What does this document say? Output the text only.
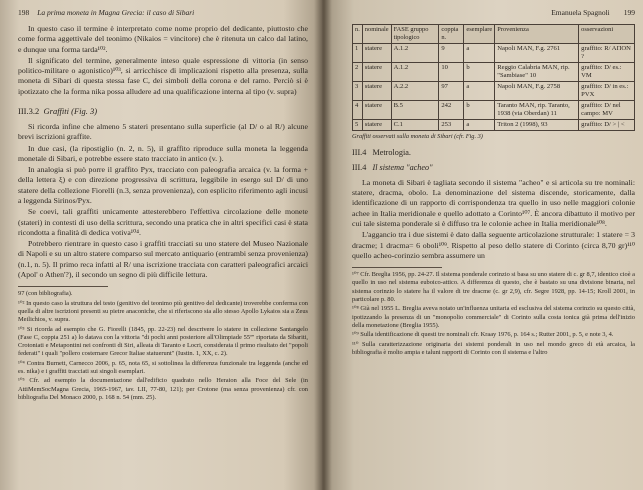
198	La prima moneta in Magna Grecia: il caso di Sibari

In questo caso il termine è interpretato come nome proprio del dedicante, piuttosto che come forma aggettivale del teonimo (Nikaios = vincitore) che è ritenuta un calco dal latino, e dunque una forma tarda¹⁰².

Il significato del termine, generalmente inteso quale espressione di vittoria (in senso politico-militare o agonistico)¹⁰³, si arricchisce di implicazioni rispetto alla presenza, sulla moneta di Sibari di questa stessa fase C, dei simboli della corona e del ramo. Perciò si è ipotizzato che la forma nika possa alludere ad una qualificazione interna al tipo (v. supra)

III.3.2 Graffiti (Fig. 3)

Si ricorda infine che almeno 5 stateri presentano sulla superficie (al D/ o al R/) alcune brevi iscrizioni graffite.

In due casi, (la ripostiglio (n. 2, n. 5), il graffito riproduce sulla moneta la leggenda monetale di Sibari, e potrebbe essere stato tracciato in antico (v. ).

In analogia si può porre il graffito Pyx, tracciato con paleografia arcaica (v. la forma + della lettera ξ) e con direzione progressiva di scrittura, leggibile in esergo sul D/ di uno statere della collezione Fiorelli (n.3, senza provenienza), con esplicito riferimento agli incusi a leggenda Sirinos/Pyx.

Se coevi, tali graffiti unicamente attesterebbero l'effettiva circolazione delle monete (stateri) in contesti di uso della scrittura, secondo una pratica che in altri specifici casi è stata ricondotta a finalità di dedica votiva¹⁰⁴.

Potrebbero rientrare in questo caso i graffiti tracciati su uno statere del Museo Nazionale di Napoli e su un altro statere comparso sul mercato antiquario (entrambi senza provenienza) (n.1, n. 5). Il primo reca infatti al R/ una iscrizione tracciata con caratteri paleografici arcaici (Apol' o Athen'?), il secondo un segno di più difficile lettura.

97 (con bibliografia).
¹⁰² In questo caso la struttura del testo (genitivo del teonimo più genitivo del dedicante) troverebbe conferma con quella di altre iscrizioni presenti su pietre anaconiche, che si riferiscono sia allo stesso Apollo Lykaios sia a Zeus Meilichios, v. supra.
¹⁰³ Si ricorda ad esempio che G. Fiorelli (1845, pp. 22-23) nel descrivere lo statere in collezione Santangelo (Fase C, coppia 251 a) lo datava con la vittoria "di pochi anni posteriore all'Olimpiade 55ª" riportata da Sibariti, Crotoniati e Metapontini nei confronti di Siri, alleata di Taranto e Locri, considerata il primo risultato dei "popoli federati" i quali "pollero costernare Grecor Italiae statuerunt" (Iustin. 1, XX, c. 2).
¹⁰⁴ Contra Burnett, Carnecco 2006, p. 65, nota 65, si sottolinea la differenza funzionale tra leggenda (anche ed es. nika) e i graffiti tracciati sui singoli esemplari.
¹⁰⁵ Cfr. ad esempio la documentazione dall'edificio quadrato nello Heraion alla Foce del Sele (in AttiMemSocMagna Grecia, 1965-1967, tav. LII, 77-80, 121); per Crotone (ma senza provenienza) cfr. con bibliografia Del Monaco 2000, p. 168 n. 54 (mm. 25).
Emanuela Spagnoli 199
n.	nominale	FASE gruppo tipologico	coppia n.	esemplare	Provenienza	osservazioni
1	statere	A.1.2	9	a	Napoli MAN, F.g. 2761	graffito: R/ AΠΟΝ ?
2	statere	A.1.2	10	b	Reggio Calabria MAN, rip. "Sambiase" 10	graffito: D/ es.: VM
3	statere	A.2.2	97	a	Napoli MAN, F.g. 2758	graffito: D/ in es.: PVX
4	statere	B.5	242	b	Taranto MAN, rip. Taranto, 1938 (via Oberdan) 11	graffito: D/ nel campo: MV
5	statere	C.1	253	a	Triton 2 (1998), 93	graffito: D/ > | <
Graffiti osservati sulla moneta di Sibari (cfr. Fig. 3)
III.4 Metrologia.
III.4 Il sistema "acheo"

La moneta di Sibari è tagliata secondo il sistema "acheo" e si articola su tre nominali: statere, dracma, obolo. La denominazione del sistema discende, storicamente, dalla identificazione di un rapporto di corrispondenza tra quello in uso nelle maggiori colonie achee in Italia meridionale e quello adottato a Corinto¹⁰⁷. È ancora dibattuto il motivo per cui tale sistema ponderale si è diffuso tra le colonie achee in Italia meridionale¹⁰⁸.

L'aggancio tra i due sistemi è dato dalla seguente articolazione strutturale: 1 statere = 3 dracme; 1 dracma= 6 oboli¹⁰⁹. Rispetto al peso dello statere di Corinto (circa 8,70 gr)¹¹⁰ quello acheo-corinzio sembra assumere un

¹⁰⁷ Cfr. Breglia 1956, pp. 24-27. Il sistema ponderale corinzio si basa su uno statere di c. gr 8,7, identico cioè a quello in uso nel sistema euboico-attico. A differenza di questo, che è bastato su una divisione binaria, nel sistema corinzio lo statere ha il valore di tre dracme (c. gr 2,9), cfr. Segre 1928, pp. 14-15; Kroll 2001, in particolare p. 80.
¹⁰⁸ Già nel 1955 L. Breglia aveva notato un'influenza unitaria ed esclusiva del sistema corinzio su questo città, ipotizzando la presenza di un "monopolio commerciale" di Corinto sulla costa ionica già prima dell'inizio della monetazione (Breglia 1955).
¹⁰⁹ Sulla identificazione di questi tre nominali cfr. Kraay 1976, p. 164 s.; Rutter 2001, p. 5, e note 3, 4.
¹¹⁰ Sulla caratterizzazione originaria dei sistemi ponderali in uso nel mondo greco di età arcaica, la bibliografia è molto ampia e taluni rapporti di Corinto con il sistema e l'altro
